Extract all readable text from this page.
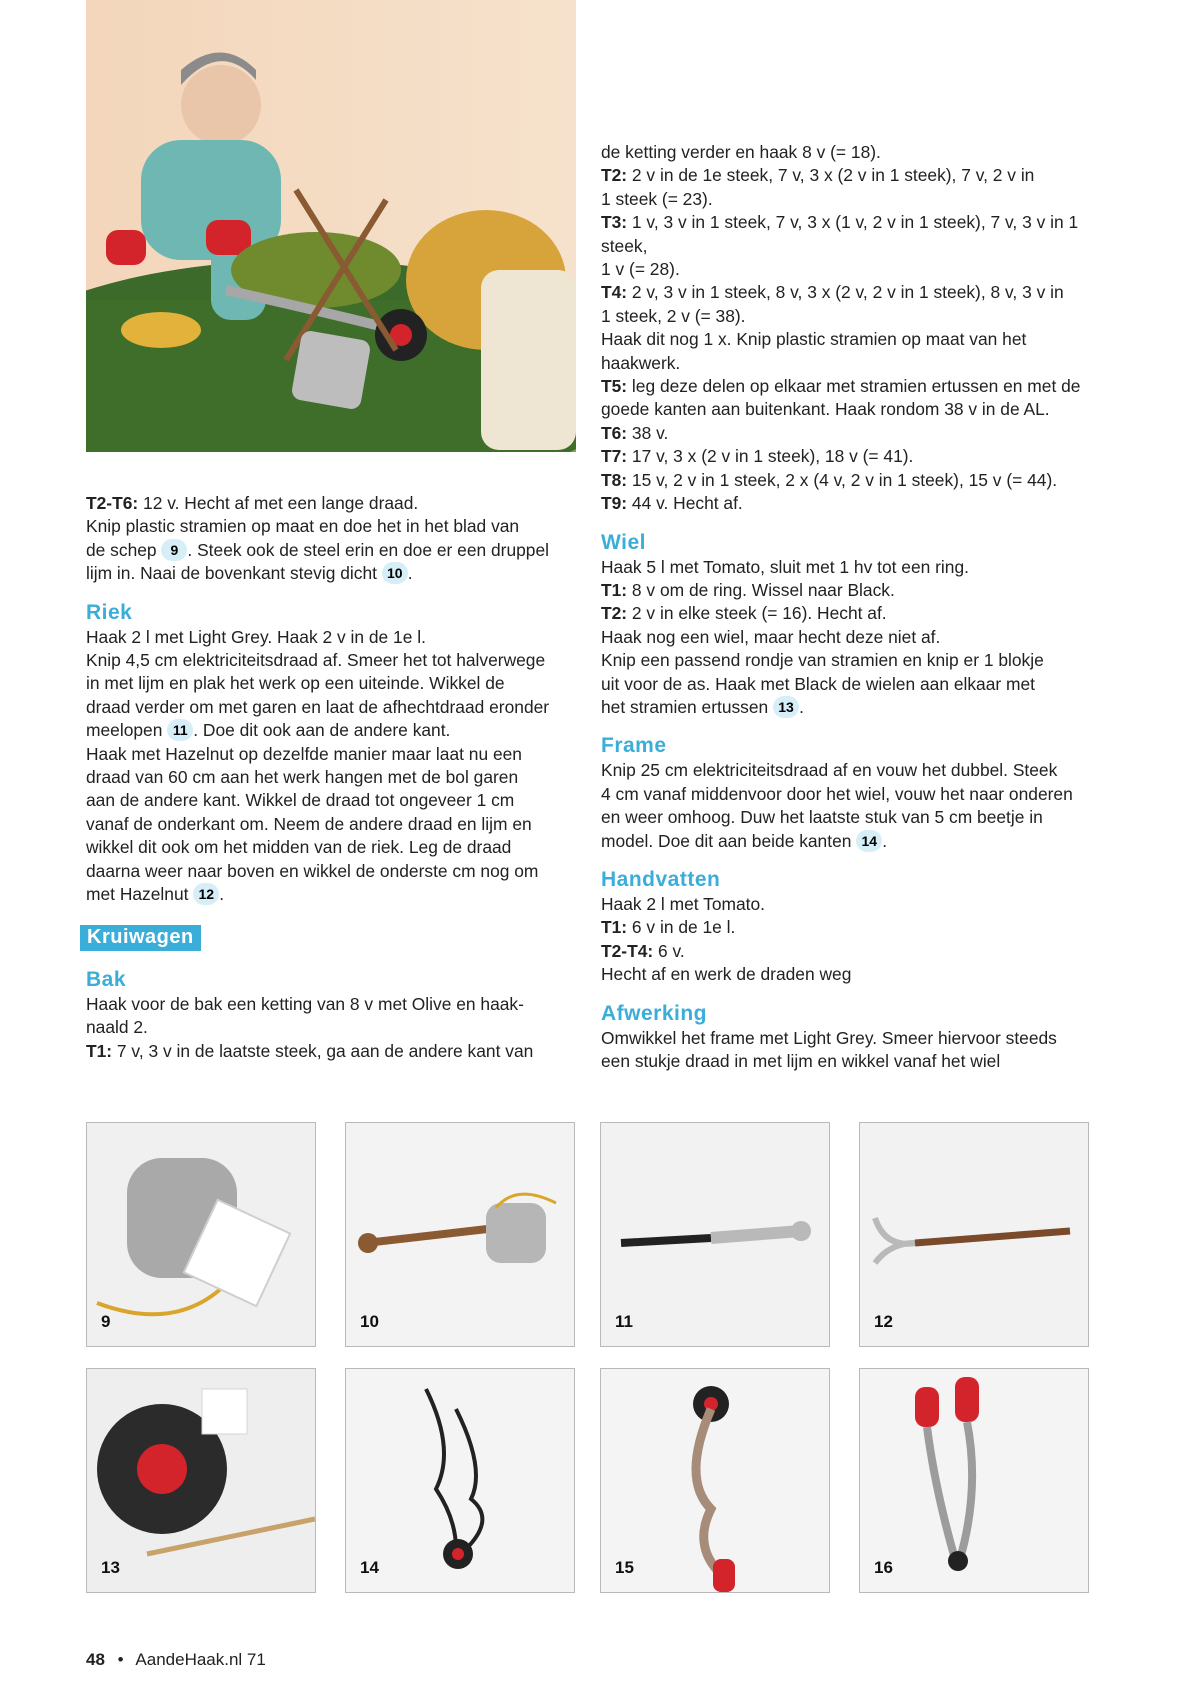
T2-T6: 12 v. Hecht af met een lange draad.

Knip plastic stramien op maat en doe het in het blad van

de schep 9 . Steek ook de steel erin en doe er een druppel

lijm in. Naai de bovenkant stevig dicht 10 .

Riek

Haak 2 l met Light Grey. Haak 2 v in de 1e l.

Knip 4,5 cm elektriciteitsdraad af. Smeer het tot halverwege

in met lijm en plak het werk op een uiteinde. Wikkel de

draad verder om met garen en laat de afhechtdraad eronder

meelopen 11 . Doe dit ook aan de andere kant.

Haak met Hazelnut op dezelfde manier maar laat nu een

draad van 60 cm aan het werk hangen met de bol garen

aan de andere kant. Wikkel de draad tot ongeveer 1 cm

vanaf de onderkant om. Neem de andere draad en lijm en

wikkel dit ook om het midden van de riek. Leg de draad

daarna weer naar boven en wikkel de onderste cm nog om

met Hazelnut 12 .

Kruiwagen
Bak

Haak voor de bak een ketting van 8 v met Olive en haak-

naald 2.

T1: 7 v, 3 v in de laatste steek, ga aan de andere kant van

de ketting verder en haak 8 v (= 18).

T2: 2 v in de 1e steek, 7 v, 3 x (2 v in 1 steek), 7 v, 2 v in

1 steek (= 23).

T3: 1 v, 3 v in 1 steek, 7 v, 3 x (1 v, 2 v in 1 steek), 7 v, 3 v in 1 steek,

1 v (= 28).

T4: 2 v, 3 v in 1 steek, 8 v, 3 x (2 v, 2 v in 1 steek), 8 v, 3 v in

1 steek, 2 v (= 38).

Haak dit nog 1 x. Knip plastic stramien op maat van het

haakwerk.

T5: leg deze delen op elkaar met stramien ertussen en met de

goede kanten aan buitenkant. Haak rondom 38 v in de AL.

T6: 38 v.

T7: 17 v, 3 x (2 v in 1 steek), 18 v (= 41).

T8: 15 v, 2 v in 1 steek, 2 x (4 v, 2 v in 1 steek), 15 v (= 44).

T9: 44 v. Hecht af.

Wiel

Haak 5 l met Tomato, sluit met 1 hv tot een ring.

T1: 8 v om de ring. Wissel naar Black.

T2: 2 v in elke steek (= 16). Hecht af.

Haak nog een wiel, maar hecht deze niet af.

Knip een passend rondje van stramien en knip er 1 blokje

uit voor de as. Haak met Black de wielen aan elkaar met

het stramien ertussen 13 .

Frame

Knip 25 cm elektriciteitsdraad af en vouw het dubbel. Steek

4 cm vanaf middenvoor door het wiel, vouw het naar onderen

en weer omhoog. Duw het laatste stuk van 5 cm beetje in

model. Doe dit aan beide kanten 14 .

Handvatten

Haak 2 l met Tomato.

T1: 6 v in de 1e l.

T2-T4: 6 v.

Hecht af en werk de draden weg

Afwerking

Omwikkel het frame met Light Grey. Smeer hiervoor steeds

een stukje draad in met lijm en wikkel vanaf het wiel

9	10	11	12
13	14	15	16
48 • AandeHaak.nl 71
